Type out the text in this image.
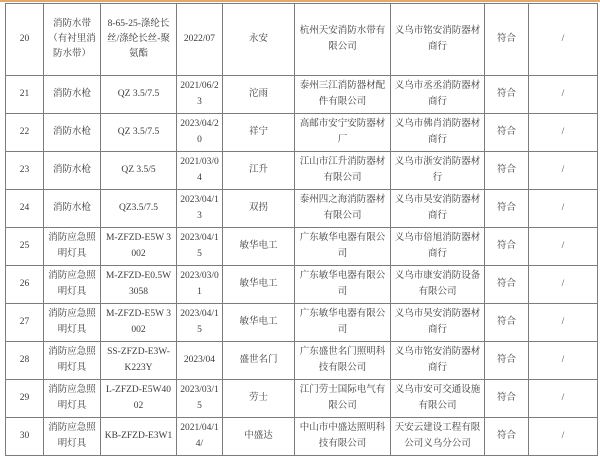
20	消防水带（有衬里消防水带）	8-65-25-涤纶长丝/涤纶长丝-聚氨酯	2022/07	永安	杭州天安消防水带有限公司	义乌市铭安消防器材商行	符合	/
21	消防水枪	QZ 3.5/7.5	2021/06/23	沱雨	泰州三江消防器材配件有限公司	义乌市丞丞消防器材商行	符合	/
22	消防水枪	QZ 3.5/7.5	2023/04/20	祥宁	高邮市安宁安防器材厂	义乌市佛肖消防器材商行	符合	/
23	消防水枪	QZ 3.5/5	2021/03/04	江升	江山市江升消防器材有限公司	义乌市浙安消防器材行	符合	/
24	消防水枪	QZ3.5/7.5	2023/04/13	双拐	泰州四之海消防器材有限公司	义乌市昊安消防器材商行	符合	/
25	消防应急照明灯具	M-ZFZD-E5W 3002	2023/04/15	敏华电工	广东敏华电器有限公司	义乌市倍旭消防器材商行	符合	/
26	消防应急照明灯具	M-ZFZD-E0.5W 3058	2023/03/01	敏华电工	广东敏华电器有限公司	义乌市康安消防设备有限公司	符合	/
27	消防应急照明灯具	M-ZFZD-E5W 3002	2023/04/15	敏华电工	广东敏华电器有限公司	义乌市昊安消防器材商行	符合	/
28	消防应急照明灯具	SS-ZFZD-E3W-K223Y	2023/04	盛世名门	广东盛世名门照明科技有限公司	义乌市铭安消防器材商行	符合	/
29	消防应急照明灯具	L-ZFZD-E5W4002	2023/03/15	劳士	江门劳士国际电气有限公司	义乌市安可交通设施有限公司	符合	/
30	消防应急照明灯具	KB-ZFZD-E3W1	2021/04/14/	中盛达	中山市中盛达照明科技有限公司	天安云建设工程有限公司义乌分公司	符合	/
